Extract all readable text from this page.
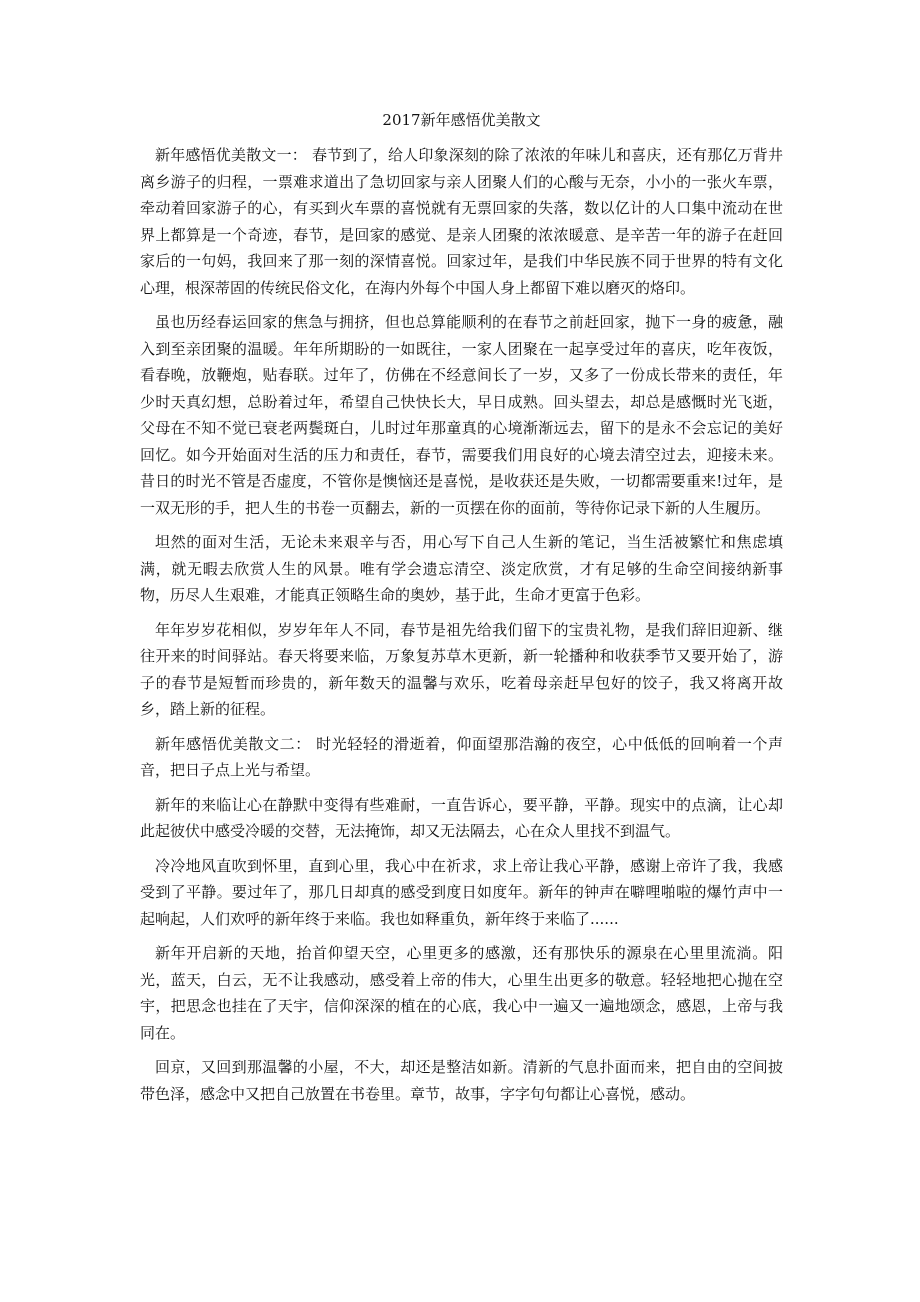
2017新年感悟优美散文

新年感悟优美散文一： 春节到了，给人印象深刻的除了浓浓的年味儿和喜庆，还有那亿万背井离乡游子的归程，一票难求道出了急切回家与亲人团聚人们的心酸与无奈，小小的一张火车票，牵动着回家游子的心，有买到火车票的喜悦就有无票回家的失落，数以亿计的人口集中流动在世界上都算是一个奇迹，春节，是回家的感觉、是亲人团聚的浓浓暖意、是辛苦一年的游子在赶回家后的一句妈，我回来了那一刻的深情喜悦。回家过年，是我们中华民族不同于世界的特有文化心理，根深蒂固的传统民俗文化，在海内外每个中国人身上都留下难以磨灭的烙印。

虽也历经春运回家的焦急与拥挤，但也总算能顺利的在春节之前赶回家，抛下一身的疲惫，融入到至亲团聚的温暖。年年所期盼的一如既往，一家人团聚在一起享受过年的喜庆，吃年夜饭，看春晚，放鞭炮，贴春联。过年了，仿佛在不经意间长了一岁，又多了一份成长带来的责任，年少时天真幻想，总盼着过年，希望自己快快长大，早日成熟。回头望去，却总是感慨时光飞逝，父母在不知不觉已衰老两鬓斑白，儿时过年那童真的心境渐渐远去，留下的是永不会忘记的美好回忆。如今开始面对生活的压力和责任，春节，需要我们用良好的心境去清空过去，迎接未来。昔日的时光不管是否虚度，不管你是懊恼还是喜悦，是收获还是失败，一切都需要重来!过年，是一双无形的手，把人生的书卷一页翻去，新的一页摆在你的面前，等待你记录下新的人生履历。

坦然的面对生活，无论未来艰辛与否，用心写下自己人生新的笔记，当生活被繁忙和焦虑填满，就无暇去欣赏人生的风景。唯有学会遗忘清空、淡定欣赏，才有足够的生命空间接纳新事物，历尽人生艰难，才能真正领略生命的奥妙，基于此，生命才更富于色彩。

年年岁岁花相似，岁岁年年人不同，春节是祖先给我们留下的宝贵礼物，是我们辞旧迎新、继往开来的时间驿站。春天将要来临，万象复苏草木更新，新一轮播种和收获季节又要开始了，游子的春节是短暂而珍贵的，新年数天的温馨与欢乐，吃着母亲赶早包好的饺子，我又将离开故乡，踏上新的征程。

新年感悟优美散文二： 时光轻轻的滑逝着，仰面望那浩瀚的夜空，心中低低的回响着一个声音，把日子点上光与希望。

新年的来临让心在静默中变得有些难耐，一直告诉心，要平静，平静。现实中的点滴，让心却此起彼伏中感受冷暖的交替，无法掩饰，却又无法隔去，心在众人里找不到温气。

冷冷地风直吹到怀里，直到心里，我心中在祈求，求上帝让我心平静，感谢上帝许了我，我感受到了平静。要过年了，那几日却真的感受到度日如度年。新年的钟声在噼哩啪啦的爆竹声中一起响起，人们欢呼的新年终于来临。我也如释重负，新年终于来临了......

新年开启新的天地，抬首仰望天空，心里更多的感激，还有那快乐的源泉在心里里流淌。阳光，蓝天，白云，无不让我感动，感受着上帝的伟大，心里生出更多的敬意。轻轻地把心抛在空宇，把思念也挂在了天宇，信仰深深的植在的心底，我心中一遍又一遍地颂念，感恩，上帝与我同在。

回京，又回到那温馨的小屋，不大，却还是整洁如新。清新的气息扑面而来，把自由的空间披带色泽，感念中又把自己放置在书卷里。章节，故事，字字句句都让心喜悦，感动。
